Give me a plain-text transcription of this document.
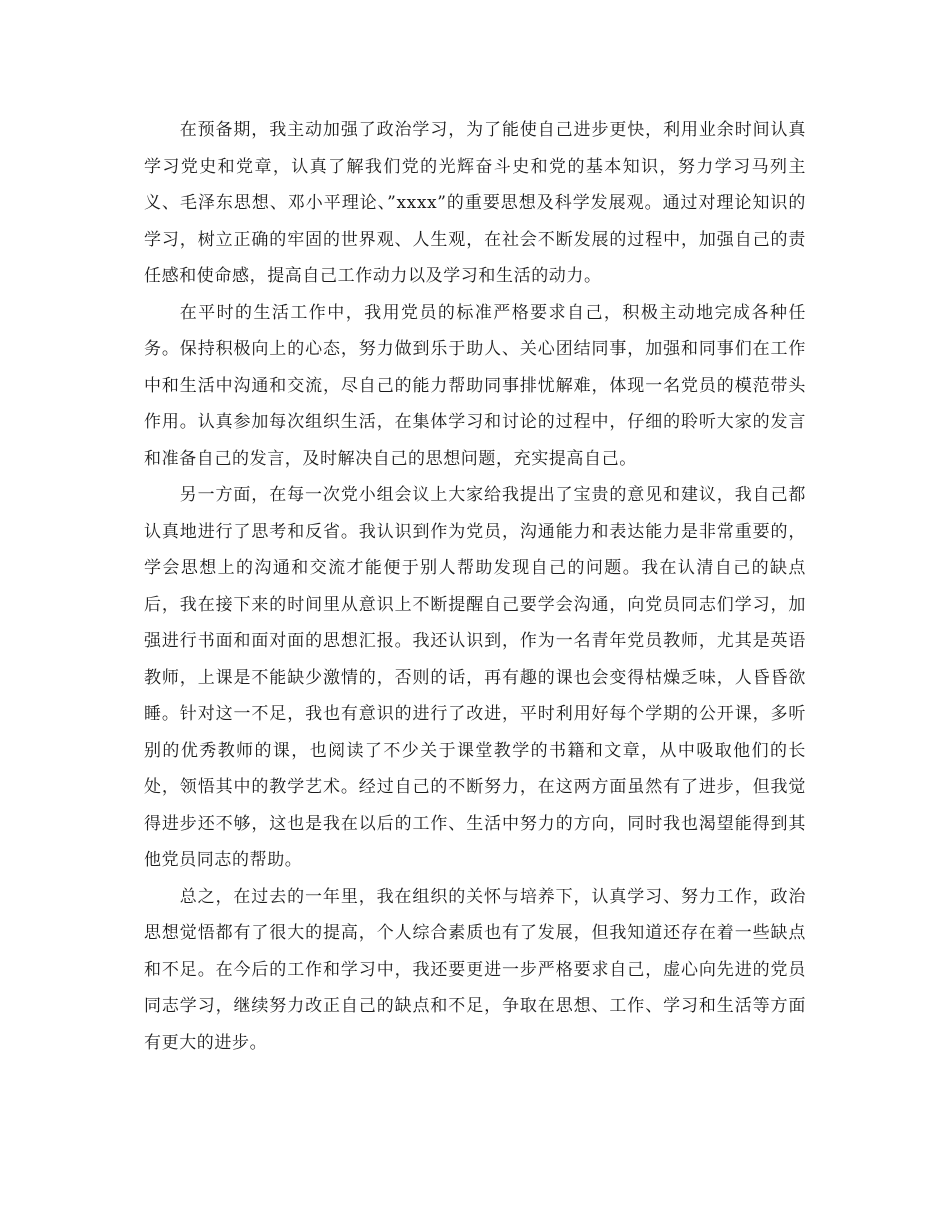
在预备期，我主动加强了政治学习，为了能使自己进步更快，利用业余时间认真学习党史和党章，认真了解我们党的光辉奋斗史和党的基本知识，努力学习马列主义、毛泽东思想、邓小平理论、”xxxx”的重要思想及科学发展观。通过对理论知识的学习，树立正确的牢固的世界观、人生观，在社会不断发展的过程中，加强自己的责任感和使命感，提高自己工作动力以及学习和生活的动力。

在平时的生活工作中，我用党员的标准严格要求自己，积极主动地完成各种任务。保持积极向上的心态，努力做到乐于助人、关心团结同事，加强和同事们在工作中和生活中沟通和交流，尽自己的能力帮助同事排忧解难，体现一名党员的模范带头作用。认真参加每次组织生活，在集体学习和讨论的过程中，仔细的聆听大家的发言和准备自己的发言，及时解决自己的思想问题，充实提高自己。

另一方面，在每一次党小组会议上大家给我提出了宝贵的意见和建议，我自己都认真地进行了思考和反省。我认识到作为党员，沟通能力和表达能力是非常重要的，学会思想上的沟通和交流才能便于别人帮助发现自己的问题。我在认清自己的缺点后，我在接下来的时间里从意识上不断提醒自己要学会沟通，向党员同志们学习，加强进行书面和面对面的思想汇报。我还认识到，作为一名青年党员教师，尤其是英语教师，上课是不能缺少激情的，否则的话，再有趣的课也会变得枯燥乏味，人昏昏欲睡。针对这一不足，我也有意识的进行了改进，平时利用好每个学期的公开课，多听别的优秀教师的课，也阅读了不少关于课堂教学的书籍和文章，从中吸取他们的长处，领悟其中的教学艺术。经过自己的不断努力，在这两方面虽然有了进步，但我觉得进步还不够，这也是我在以后的工作、生活中努力的方向，同时我也渴望能得到其他党员同志的帮助。

总之，在过去的一年里，我在组织的关怀与培养下，认真学习、努力工作，政治思想觉悟都有了很大的提高，个人综合素质也有了发展，但我知道还存在着一些缺点和不足。在今后的工作和学习中，我还要更进一步严格要求自己，虚心向先进的党员同志学习，继续努力改正自己的缺点和不足，争取在思想、工作、学习和生活等方面有更大的进步。
